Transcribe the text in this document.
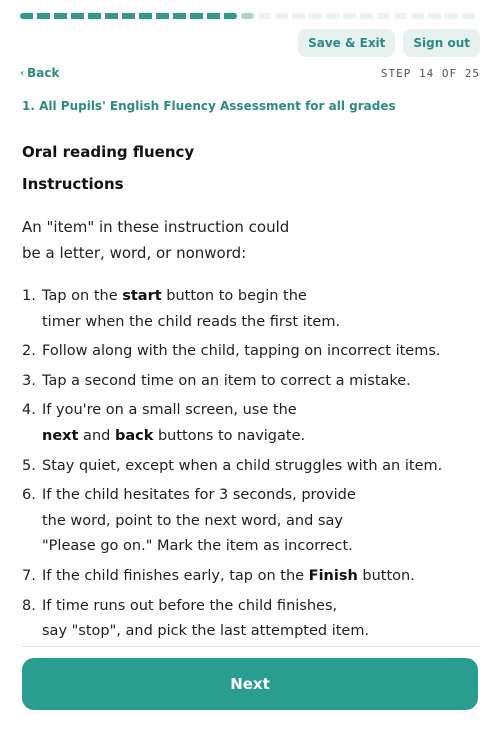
Save & Exit	Sign out
‹ Back	STEP 14 OF 25
1. All Pupils' English Fluency Assessment for all grades
Oral reading fluency
Instructions
An "item" in these instruction could
be a letter, word, or nonword:
1. Tap on the start button to begin the
timer when the child reads the first item.
2. Follow along with the child, tapping on incorrect items.
3. Tap a second time on an item to correct a mistake.
4. If you're on a small screen, use the
next and back buttons to navigate.
5. Stay quiet, except when a child struggles with an item.
6. If the child hesitates for 3 seconds, provide
the word, point to the next word, and say
"Please go on." Mark the item as incorrect.
7. If the child finishes early, tap on the Finish button.
8. If time runs out before the child finishes,
say "stop", and pick the last attempted item.
Next
